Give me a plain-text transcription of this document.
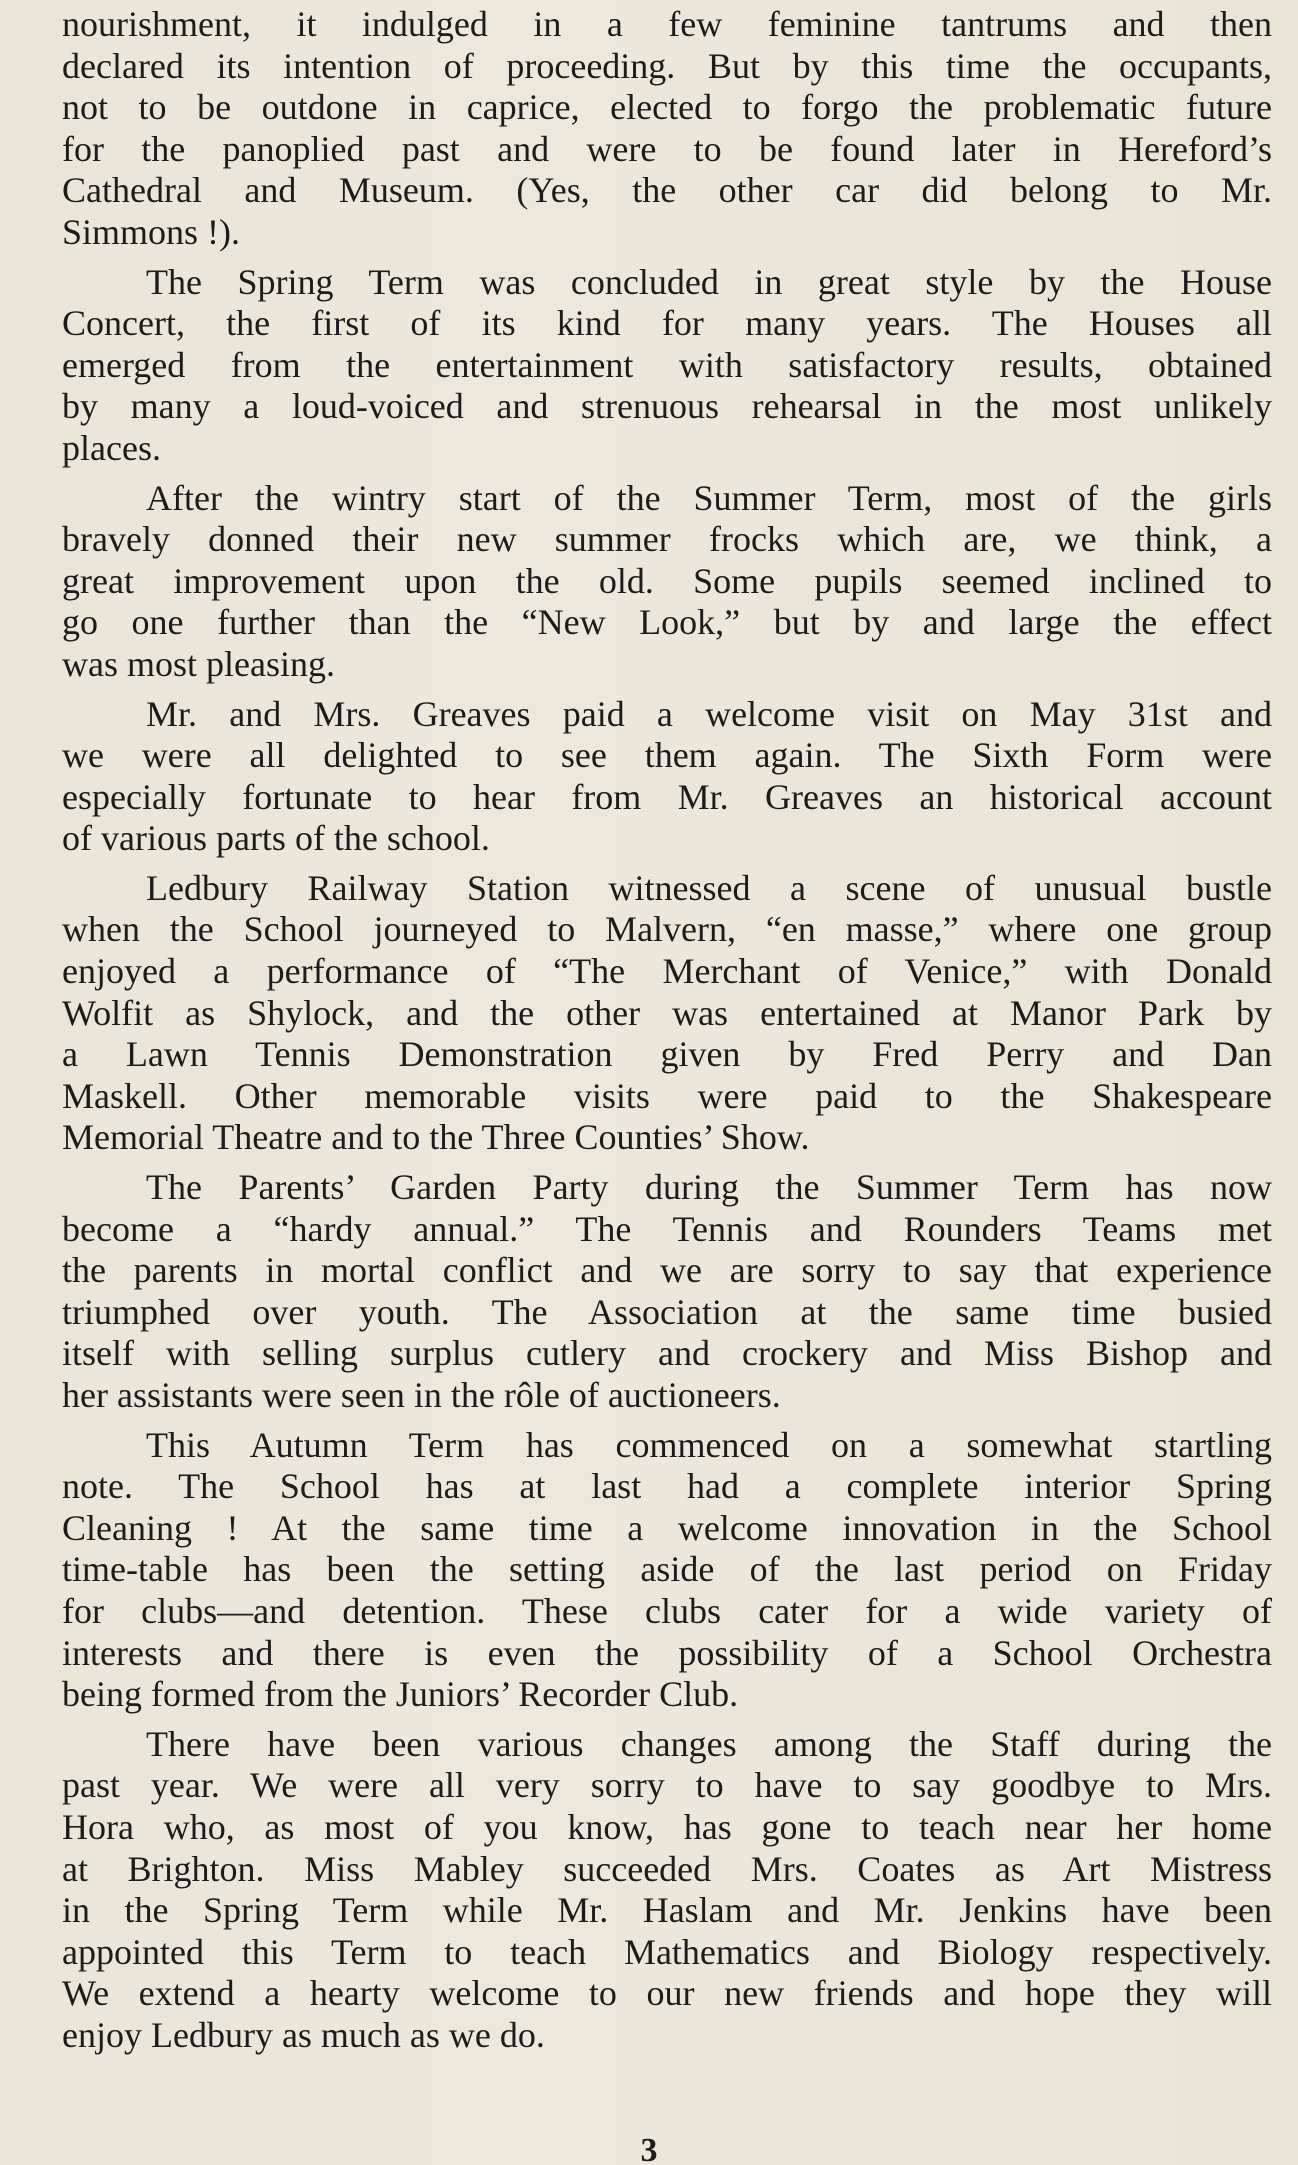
nourishment, it indulged in a few feminine tantrums and then
declared its intention of proceeding. But by this time the occupants,
not to be outdone in caprice, elected to forgo the problematic future
for the panoplied past and were to be found later in Hereford’s
Cathedral and Museum. (Yes, the other car did belong to Mr.
Simmons !).
The Spring Term was concluded in great style by the House
Concert, the first of its kind for many years. The Houses all
emerged from the entertainment with satisfactory results, obtained
by many a loud-voiced and strenuous rehearsal in the most unlikely
places.
After the wintry start of the Summer Term, most of the girls
bravely donned their new summer frocks which are, we think, a
great improvement upon the old. Some pupils seemed inclined to
go one further than the “New Look,” but by and large the effect
was most pleasing.
Mr. and Mrs. Greaves paid a welcome visit on May 31st and
we were all delighted to see them again. The Sixth Form were
especially fortunate to hear from Mr. Greaves an historical account
of various parts of the school.
Ledbury Railway Station witnessed a scene of unusual bustle
when the School journeyed to Malvern, “en masse,” where one group
enjoyed a performance of “The Merchant of Venice,” with Donald
Wolfit as Shylock, and the other was entertained at Manor Park by
a Lawn Tennis Demonstration given by Fred Perry and Dan
Maskell. Other memorable visits were paid to the Shakespeare
Memorial Theatre and to the Three Counties’ Show.
The Parents’ Garden Party during the Summer Term has now
become a “hardy annual.” The Tennis and Rounders Teams met
the parents in mortal conflict and we are sorry to say that experience
triumphed over youth. The Association at the same time busied
itself with selling surplus cutlery and crockery and Miss Bishop and
her assistants were seen in the rôle of auctioneers.
This Autumn Term has commenced on a somewhat startling
note. The School has at last had a complete interior Spring
Cleaning ! At the same time a welcome innovation in the School
time-table has been the setting aside of the last period on Friday
for clubs—and detention. These clubs cater for a wide variety of
interests and there is even the possibility of a School Orchestra
being formed from the Juniors’ Recorder Club.
There have been various changes among the Staff during the
past year. We were all very sorry to have to say goodbye to Mrs.
Hora who, as most of you know, has gone to teach near her home
at Brighton. Miss Mabley succeeded Mrs. Coates as Art Mistress
in the Spring Term while Mr. Haslam and Mr. Jenkins have been
appointed this Term to teach Mathematics and Biology respectively.
We extend a hearty welcome to our new friends and hope they will
enjoy Ledbury as much as we do.
3
